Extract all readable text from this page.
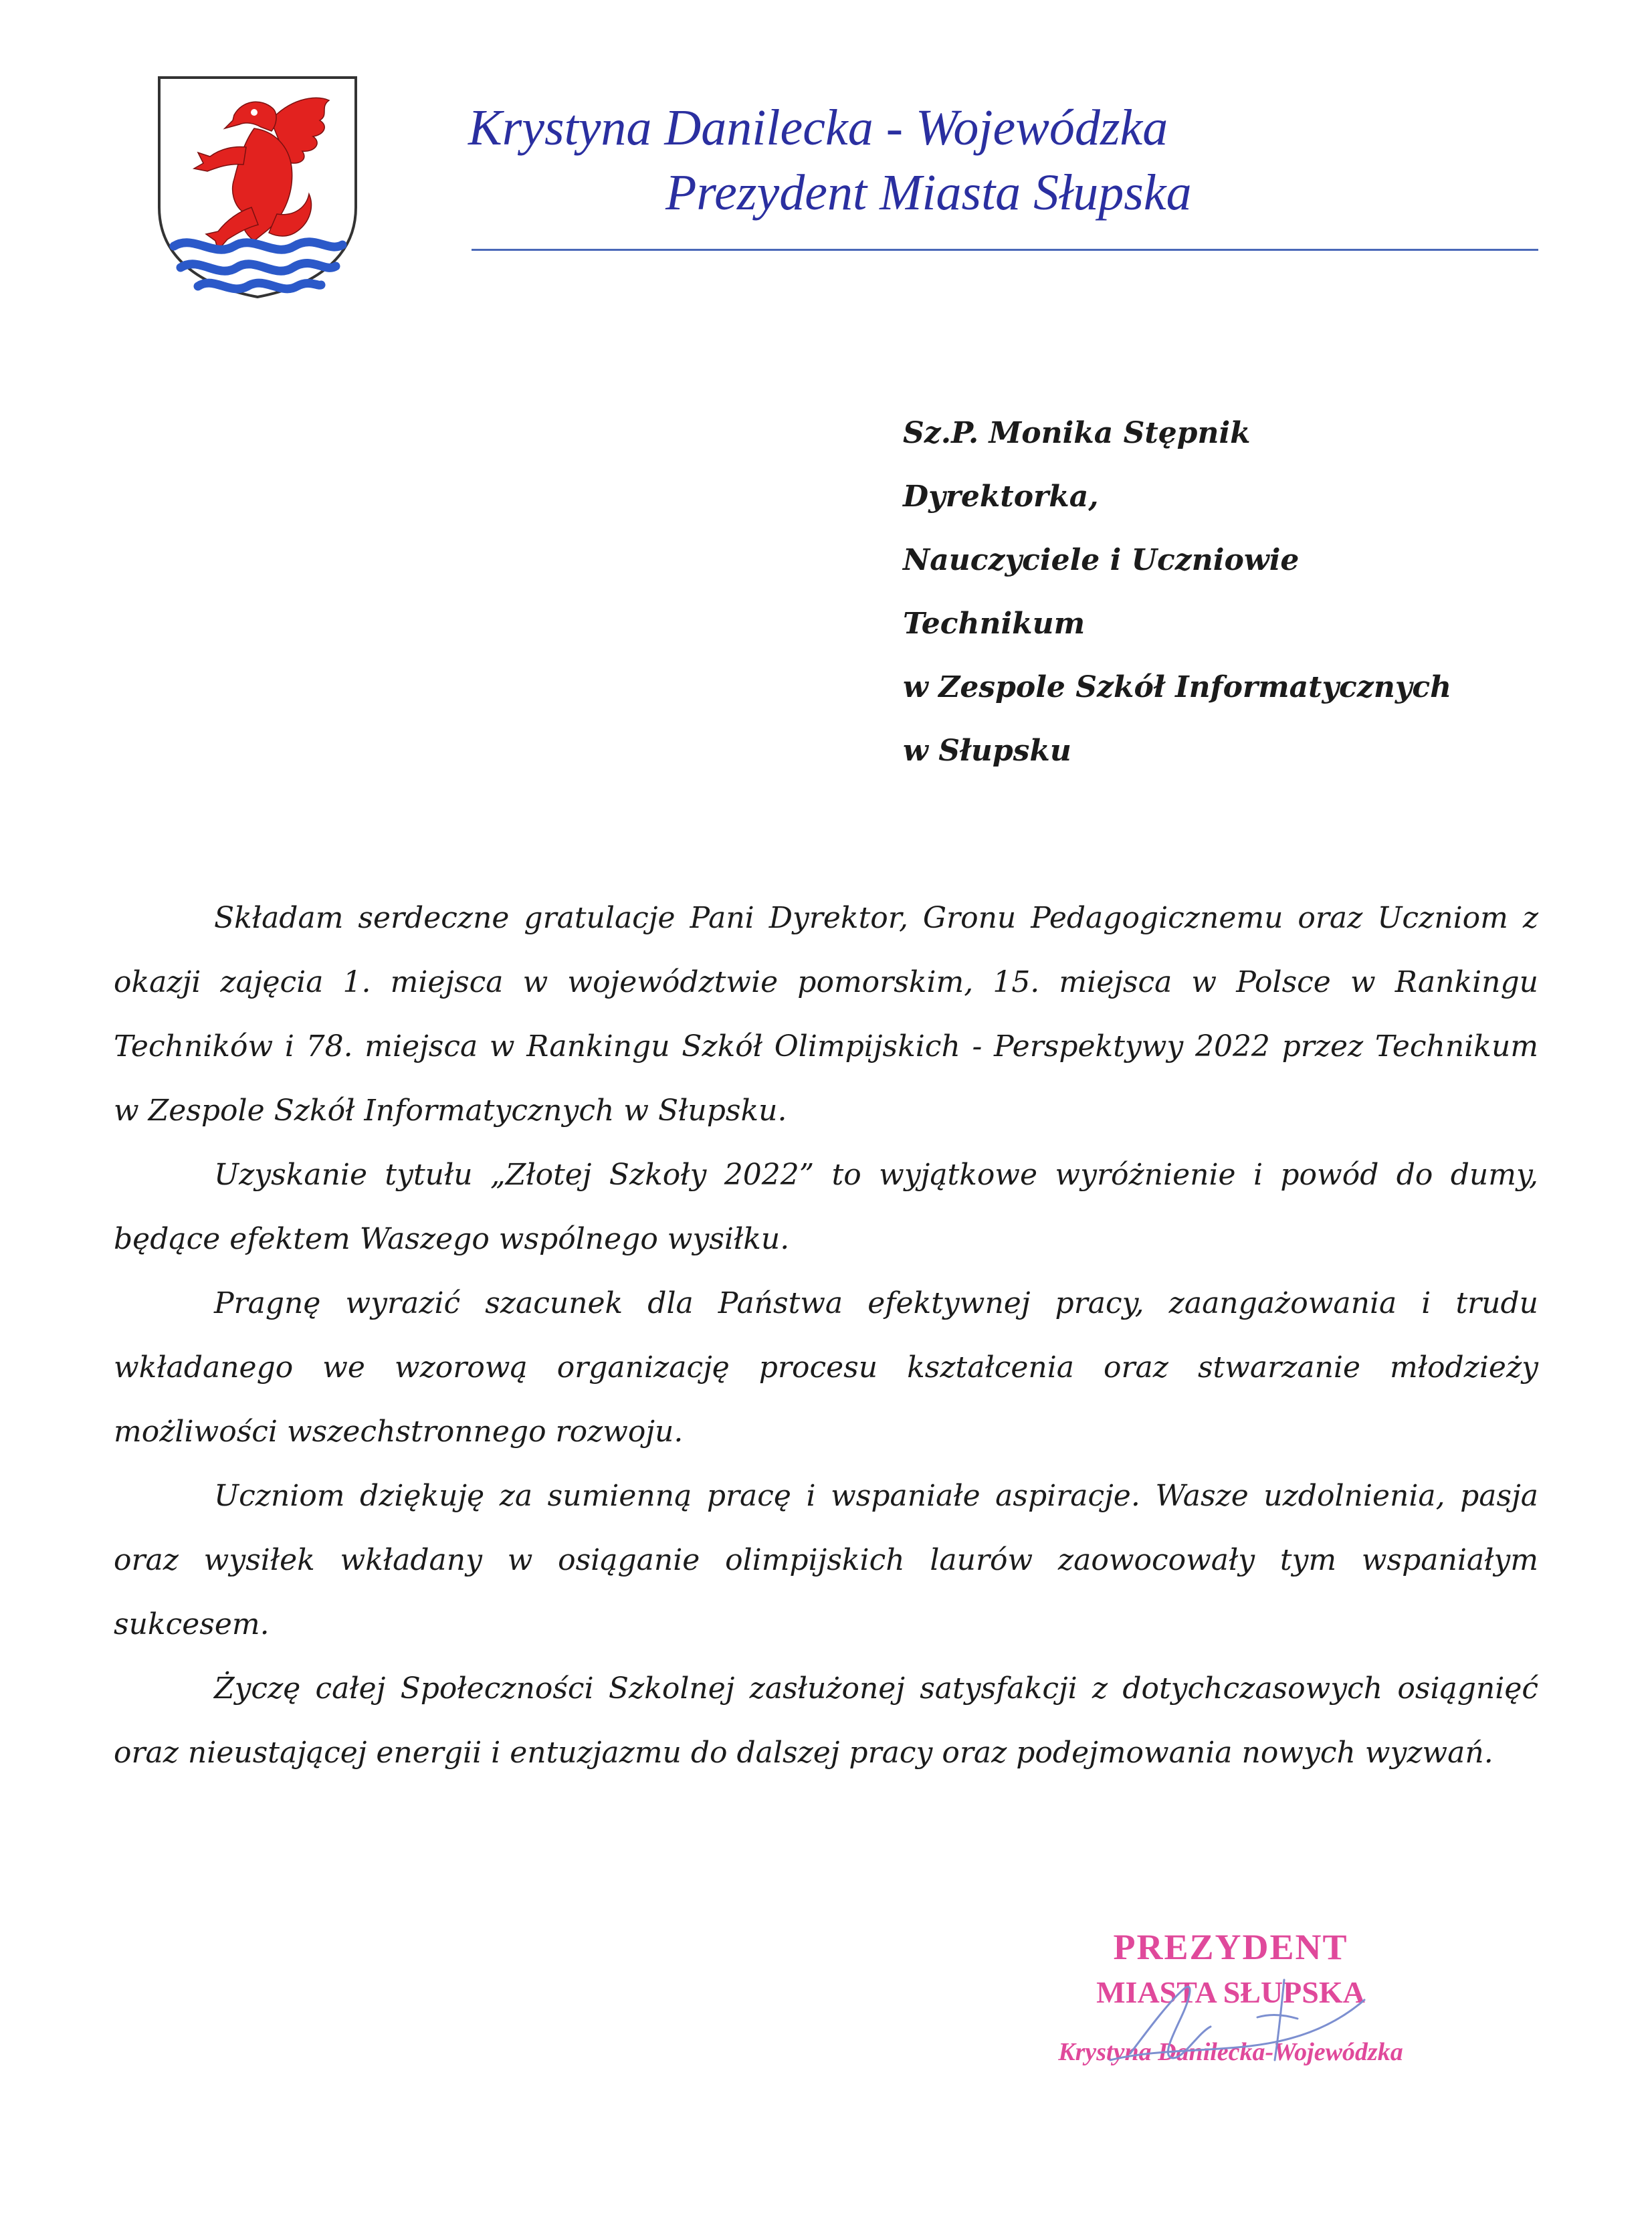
Krystyna Danilecka - Wojewódzka
Prezydent Miasta Słupska
Sz.P. Monika Stępnik
Dyrektorka,
Nauczyciele i Uczniowie
Technikum
w Zespole Szkół Informatycznych
w Słupsku

Składam serdeczne gratulacje Pani Dyrektor, Gronu Pedagogicznemu oraz Uczniom z okazji zajęcia 1. miejsca w województwie pomorskim, 15. miejsca w Polsce w Rankingu Techników i 78. miejsca w Rankingu Szkół Olimpijskich - Perspektywy 2022 przez Technikum w Zespole Szkół Informatycznych w Słupsku.

Uzyskanie tytułu „Złotej Szkoły 2022” to wyjątkowe wyróżnienie i powód do dumy, będące efektem Waszego wspólnego wysiłku.

Pragnę wyrazić szacunek dla Państwa efektywnej pracy, zaangażowania i trudu wkładanego we wzorową organizację procesu kształcenia oraz stwarzanie młodzieży możliwości wszechstronnego rozwoju.

Uczniom dziękuję za sumienną pracę i wspaniałe aspiracje. Wasze uzdolnienia, pasja oraz wysiłek wkładany w osiąganie olimpijskich laurów zaowocowały tym wspaniałym sukcesem.

Życzę całej Społeczności Szkolnej zasłużonej satysfakcji z dotychczasowych osiągnięć oraz nieustającej energii i entuzjazmu do dalszej pracy oraz podejmowania nowych wyzwań.

PREZYDENT
MIASTA SŁUPSKA
Krystyna Danilecka-Wojewódzka
